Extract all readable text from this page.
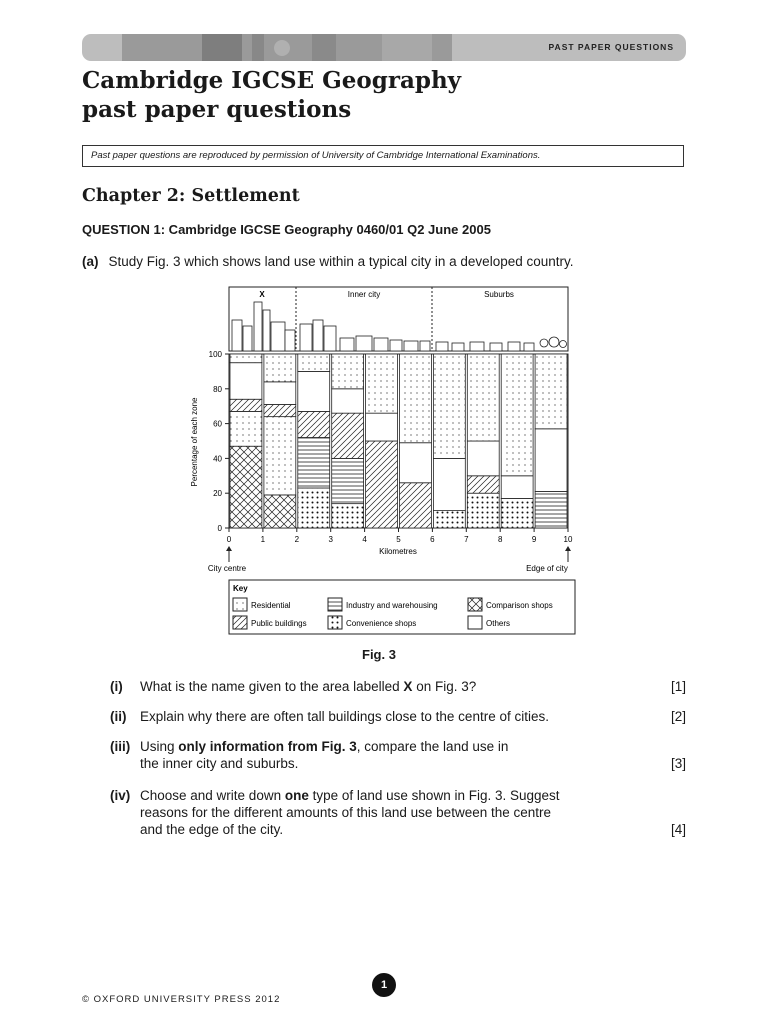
PAST PAPER QUESTIONS
Cambridge IGCSE Geography
past paper questions
Past paper questions are reproduced by permission of University of Cambridge International Examinations.
Chapter 2: Settlement
QUESTION 1: Cambridge IGCSE Geography 0460/01 Q2 June 2005
(a) Study Fig. 3 which shows land use within a typical city in a developed country.
X	Inner city	Suburbs
0
20
40
60
80
100
0	1	2	3	4	5	6	7	8	9	10
Percentage of each zone
Kilometres
City centre	Edge of city
Key
Residential	Industry and warehousing	Comparison shops
Public buildings	Convenience shops	Others
Fig. 3
(i) What is the name given to the area labelled X on Fig. 3?	[1]
(ii) Explain why there are often tall buildings close to the centre of cities.	[2]
(iii) Using only information from Fig. 3, compare the land use in
the inner city and suburbs.	[3]
(iv) Choose and write down one type of land use shown in Fig. 3. Suggest
reasons for the different amounts of this land use between the centre
and the edge of the city.	[4]
1
© OXFORD UNIVERSITY PRESS 2012
